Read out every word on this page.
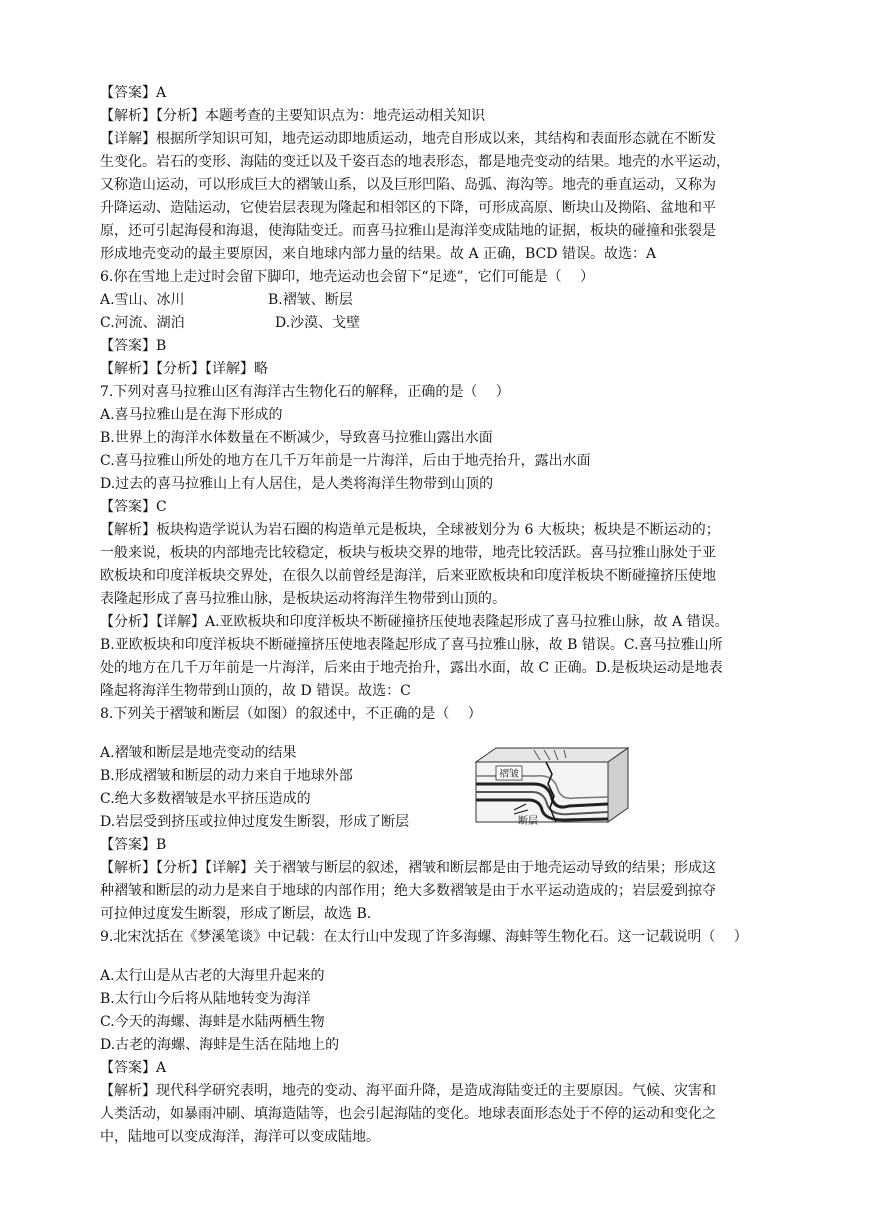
【答案】A
【解析】【分析】本题考查的主要知识点为：地壳运动相关知识
【详解】根据所学知识可知，地壳运动即地质运动，地壳自形成以来，其结构和表面形态就在不断发
生变化。岩石的变形、海陆的变迁以及千姿百态的地表形态，都是地壳变动的结果。地壳的水平运动，
又称造山运动，可以形成巨大的褶皱山系，以及巨形凹陷、岛弧、海沟等。地壳的垂直运动，又称为
升降运动、造陆运动，它使岩层表现为隆起和相邻区的下降，可形成高原、断块山及拗陷、盆地和平
原，还可引起海侵和海退，使海陆变迁。而喜马拉雅山是海洋变成陆地的证据，板块的碰撞和张裂是
形成地壳变动的最主要原因，来自地球内部力量的结果。故 A 正确，BCD 错误。故选：A
6.你在雪地上走过时会留下脚印，地壳运动也会留下“足迹”，它们可能是（　 ）
A.雪山、冰川	B.褶皱、断层
C.河流、湖泊	D.沙漠、戈壁
【答案】B
【解析】【分析】【详解】略
7.下列对喜马拉雅山区有海洋古生物化石的解释，正确的是（　 ）
A.喜马拉雅山是在海下形成的
B.世界上的海洋水体数量在不断减少，导致喜马拉雅山露出水面
C.喜马拉雅山所处的地方在几千万年前是一片海洋，后由于地壳抬升，露出水面
D.过去的喜马拉雅山上有人居住，是人类将海洋生物带到山顶的
【答案】C
【解析】板块构造学说认为岩石圈的构造单元是板块，全球被划分为 6 大板块；板块是不断运动的；
一般来说，板块的内部地壳比较稳定，板块与板块交界的地带，地壳比较活跃。喜马拉雅山脉处于亚
欧板块和印度洋板块交界处，在很久以前曾经是海洋，后来亚欧板块和印度洋板块不断碰撞挤压使地
表隆起形成了喜马拉雅山脉，是板块运动将海洋生物带到山顶的。
【分析】【详解】A.亚欧板块和印度洋板块不断碰撞挤压使地表隆起形成了喜马拉雅山脉，故 A 错误。
B.亚欧板块和印度洋板块不断碰撞挤压使地表隆起形成了喜马拉雅山脉，故 B 错误。C.喜马拉雅山所
处的地方在几千万年前是一片海洋，后来由于地壳抬升，露出水面，故 C 正确。D.是板块运动是地表
隆起将海洋生物带到山顶的，故 D 错误。故选：C
8.下列关于褶皱和断层（如图）的叙述中，不正确的是（　 ）
A.褶皱和断层是地壳变动的结果
B.形成褶皱和断层的动力来自于地球外部
C.绝大多数褶皱是水平挤压造成的
D.岩层受到挤压或拉伸过度发生断裂，形成了断层
褶皱
断层
【答案】B
【解析】【分析】【详解】关于褶皱与断层的叙述，褶皱和断层都是由于地壳运动导致的结果；形成这
种褶皱和断层的动力是来自于地球的内部作用；绝大多数褶皱是由于水平运动造成的；岩层爱到掠夺
可拉伸过度发生断裂，形成了断层，故选 B.
9.北宋沈括在《梦溪笔谈》中记载：在太行山中发现了许多海螺、海蚌等生物化石。这一记载说明（　 ）
A.太行山是从古老的大海里升起来的
B.太行山今后将从陆地转变为海洋
C.今天的海螺、海蚌是水陆两栖生物
D.古老的海螺、海蚌是生活在陆地上的
【答案】A
【解析】现代科学研究表明，地壳的变动、海平面升降，是造成海陆变迁的主要原因。气候、灾害和
人类活动，如暴雨冲刷、填海造陆等，也会引起海陆的变化。地球表面形态处于不停的运动和变化之
中，陆地可以变成海洋，海洋可以变成陆地。
